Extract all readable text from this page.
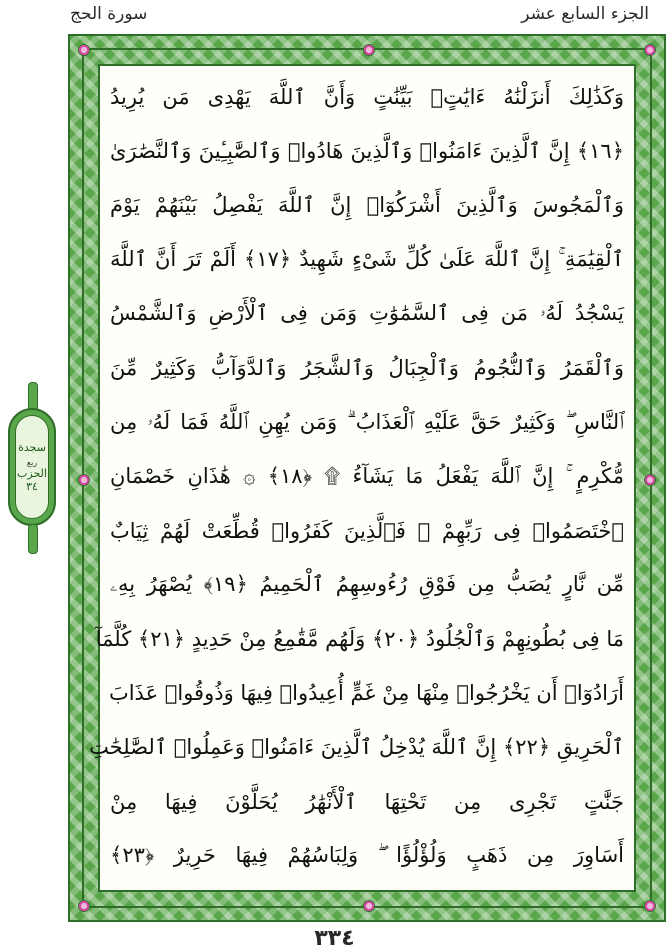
سورة الحج	الجزء السابع عشر
سجدة
ربع
الحزب
٣٤
وَكَذَٰلِكَ أَنزَلْنَٰهُ ءَايَٰتٍۭ بَيِّنَٰتٍ وَأَنَّ ٱللَّهَ يَهْدِى مَن يُرِيدُ
﴿١٦﴾ إِنَّ ٱلَّذِينَ ءَامَنُوا۟ وَٱلَّذِينَ هَادُوا۟ وَٱلصَّٰبِـِٔينَ وَٱلنَّصَٰرَىٰ
وَٱلْمَجُوسَ وَٱلَّذِينَ أَشْرَكُوٓا۟ إِنَّ ٱللَّهَ يَفْصِلُ بَيْنَهُمْ يَوْمَ
ٱلْقِيَٰمَةِ ۚ إِنَّ ٱللَّهَ عَلَىٰ كُلِّ شَىْءٍ شَهِيدٌ ﴿١٧﴾ أَلَمْ تَرَ أَنَّ ٱللَّهَ
يَسْجُدُ لَهُۥ مَن فِى ٱلسَّمَٰوَٰتِ وَمَن فِى ٱلْأَرْضِ وَٱلشَّمْسُ
وَٱلْقَمَرُ وَٱلنُّجُومُ وَٱلْجِبَالُ وَٱلشَّجَرُ وَٱلدَّوَآبُّ وَكَثِيرٌ مِّنَ
ٱلنَّاسِ ۖ وَكَثِيرٌ حَقَّ عَلَيْهِ ٱلْعَذَابُ ۗ وَمَن يُهِنِ ٱللَّهُ فَمَا لَهُۥ مِن
مُّكْرِمٍ ۚ إِنَّ ٱللَّهَ يَفْعَلُ مَا يَشَآءُ ۩ ﴿١٨﴾ ۞ هَٰذَانِ خَصْمَانِ
ٱخْتَصَمُوا۟ فِى رَبِّهِمْ ۖ فَٱلَّذِينَ كَفَرُوا۟ قُطِّعَتْ لَهُمْ ثِيَابٌ
مِّن نَّارٍ يُصَبُّ مِن فَوْقِ رُءُوسِهِمُ ٱلْحَمِيمُ ﴿١٩﴾ يُصْهَرُ بِهِۦ
مَا فِى بُطُونِهِمْ وَٱلْجُلُودُ ﴿٢٠﴾ وَلَهُم مَّقَٰمِعُ مِنْ حَدِيدٍ ﴿٢١﴾ كُلَّمَآ
أَرَادُوٓا۟ أَن يَخْرُجُوا۟ مِنْهَا مِنْ غَمٍّ أُعِيدُوا۟ فِيهَا وَذُوقُوا۟ عَذَابَ
ٱلْحَرِيقِ ﴿٢٢﴾ إِنَّ ٱللَّهَ يُدْخِلُ ٱلَّذِينَ ءَامَنُوا۟ وَعَمِلُوا۟ ٱلصَّٰلِحَٰتِ
جَنَّٰتٍ تَجْرِى مِن تَحْتِهَا ٱلْأَنْهَٰرُ يُحَلَّوْنَ فِيهَا مِنْ
أَسَاوِرَ مِن ذَهَبٍ وَلُؤْلُؤًا ۖ وَلِبَاسُهُمْ فِيهَا حَرِيرٌ ﴿٢٣﴾
٣٣٤
